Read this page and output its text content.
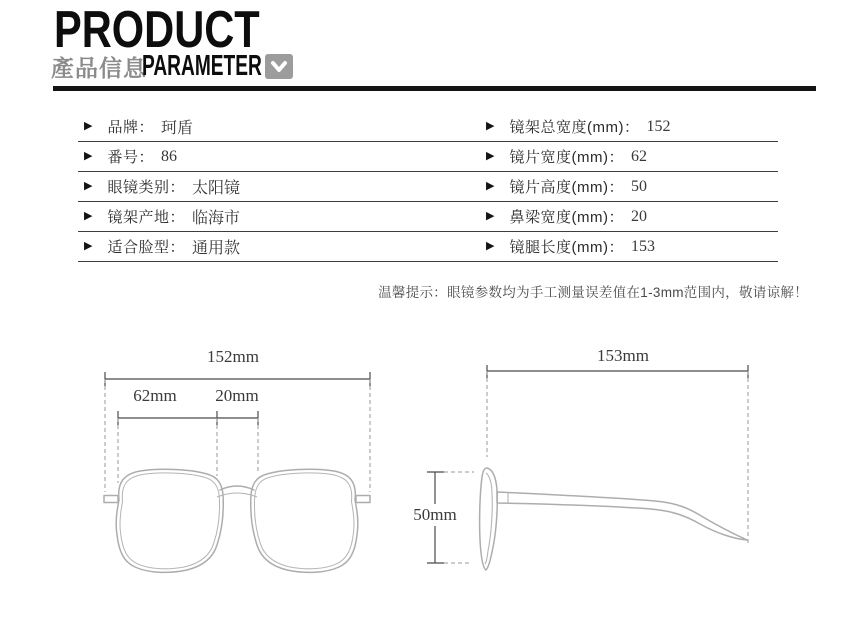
PRODUCT
產品信息
PARAMETER
▶ 品牌： 珂盾	▶ 镜架总宽度(mm)： 152
▶ 番号： 86	▶ 镜片宽度(mm)： 62
▶ 眼镜类别： 太阳镜	▶ 镜片高度(mm)： 50
▶ 镜架产地： 临海市	▶ 鼻梁宽度(mm)： 20
▶ 适合脸型： 通用款	▶ 镜腿长度(mm)： 153
温馨提示：眼镜参数均为手工测量误差值在1-3mm范围内，敬请谅解！
152mm
62mm 20mm
153mm
50mm
